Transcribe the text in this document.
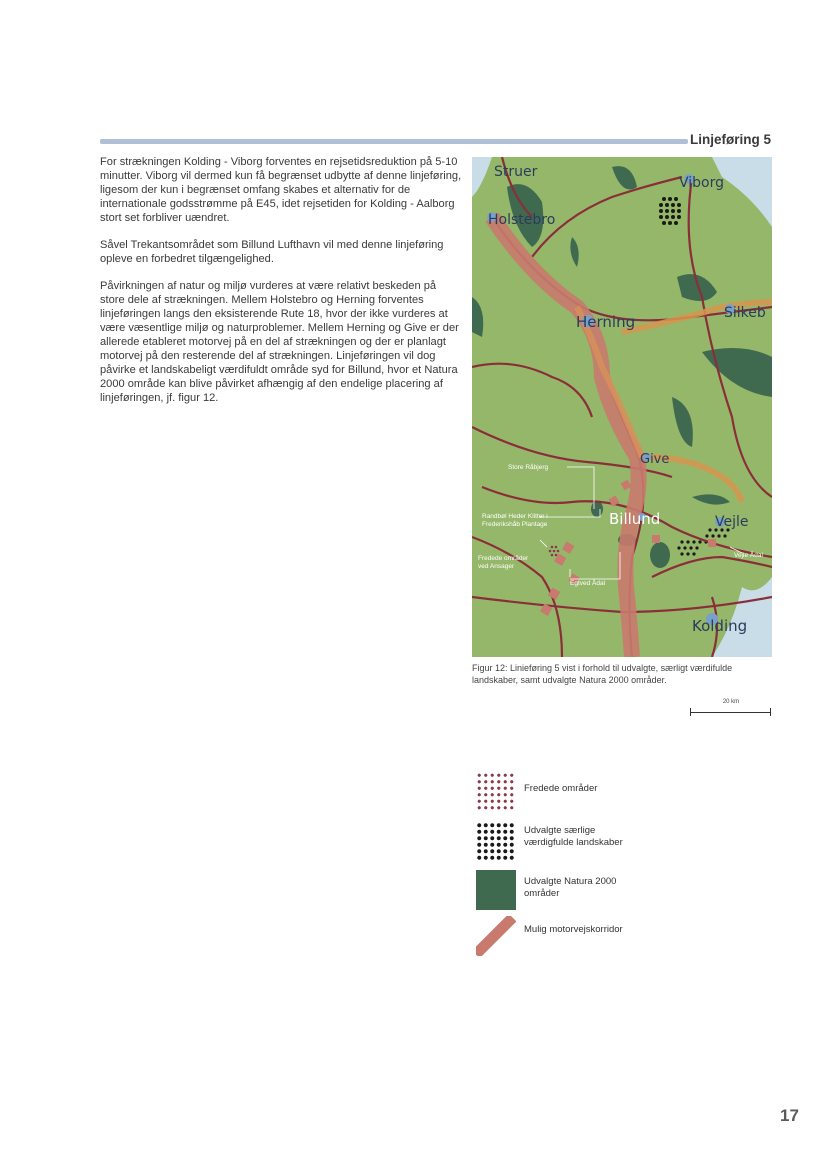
Linjeføring 5

For strækningen Kolding - Viborg forventes en rejsetidsreduktion på 5-10 minutter. Viborg vil dermed kun få begrænset udbytte af denne linjeføring, ligesom der kun i begrænset omfang skabes et alternativ for de internationale godsstrømme på E45, idet rejsetiden for Kolding - Aalborg stort set forbliver uændret.

Såvel Trekantsområdet som Billund Lufthavn vil med denne linjeføring opleve en forbedret tilgængelighed.

Påvirkningen af natur og miljø vurderes at være relativt beskeden på store dele af strækningen. Mellem Holstebro og Herning forventes linjeføringen langs den eksisterende Rute 18, hvor der ikke vurderes at være væsentlige miljø og naturproblemer. Mellem Herning og Give er der allerede etableret motorvej på en del af strækningen og der er planlagt motorvej på den resterende del af strækningen. Linjeføringen vil dog påvirke et landskabeligt værdifuldt område syd for Billund, hvor et Natura 2000 område kan blive påvirket afhængig af den endelige placering af linjeføringen, jf. figur 12.

Struer
Viborg
Holstebro
Herning	Silkeb
Give
Billund	Vejle
Kolding
Store Råbjerg
Randbøl Heder Klitter i Frederikshåb Plantage
Fredede områder ved Ansager
Egtved Ådal
Vejle Ådal
Figur 12: Linieføring 5 vist i forhold til udvalgte, særligt værdifulde landskaber, samt udvalgte Natura 2000 områder.
20 km
Fredede områder
Udvalgte særlige værdigfulde landskaber
Udvalgte Natura 2000 områder
Mulig motorvejskorridor
17
